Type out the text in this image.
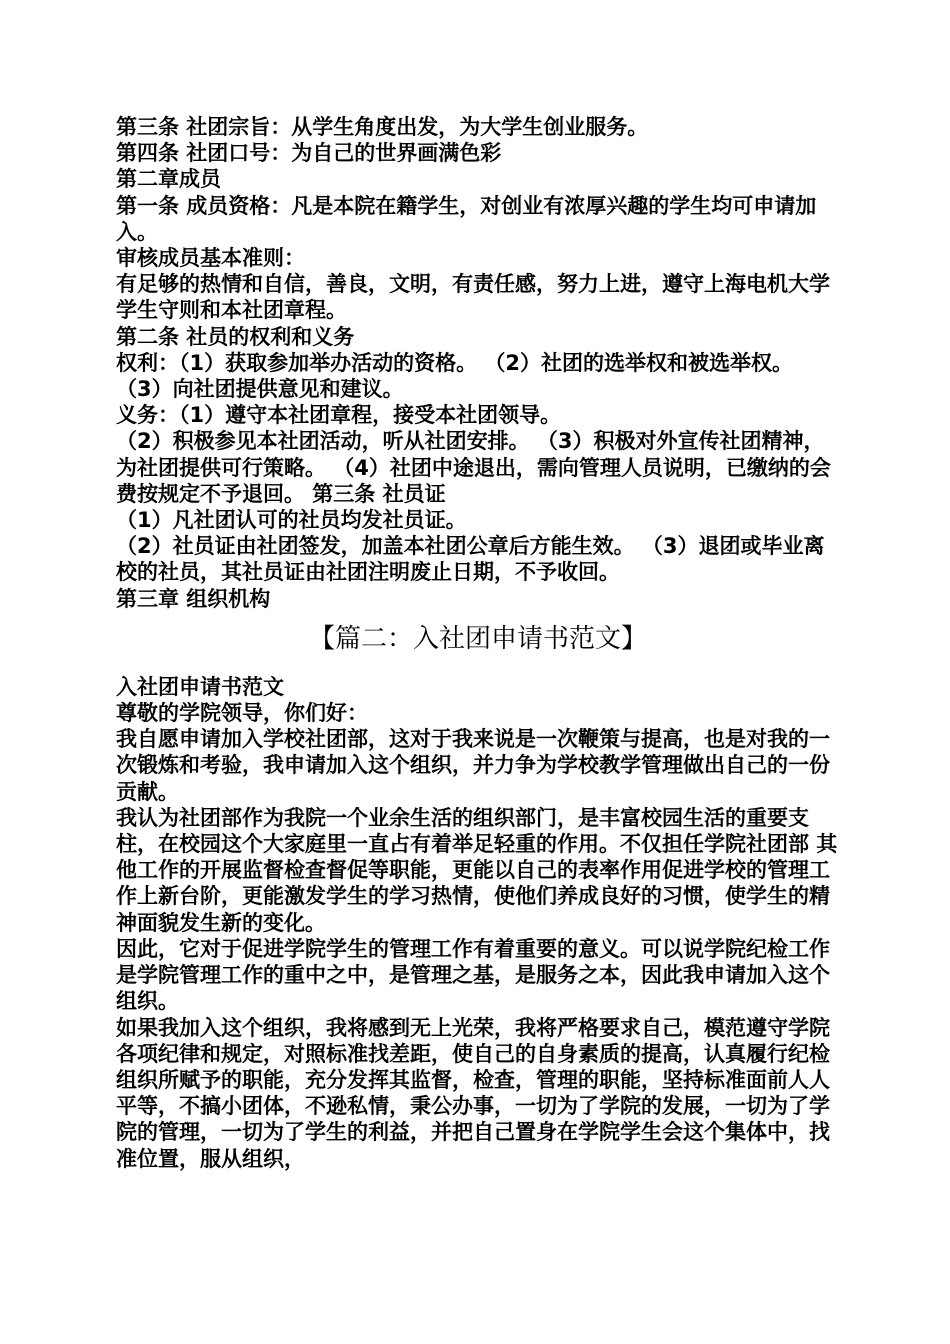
第三条 社团宗旨：从学生角度出发，为大学生创业服务。

第四条 社团口号：为自己的世界画满色彩

第二章成员

第一条 成员资格：凡是本院在籍学生，对创业有浓厚兴趣的学生均可申请加入。

审核成员基本准则：

有足够的热情和自信，善良，文明，有责任感，努力上进，遵守上海电机大学学生守则和本社团章程。

第二条 社员的权利和义务

权利：（1）获取参加举办活动的资格。 （2）社团的选举权和被选举权。 （3）向社团提供意见和建议。

义务：（1）遵守本社团章程，接受本社团领导。

（2）积极参见本社团活动，听从社团安排。 （3）积极对外宣传社团精神，为社团提供可行策略。 （4）社团中途退出，需向管理人员说明，已缴纳的会费按规定不予退回。 第三条 社员证

（1）凡社团认可的社员均发社员证。

（2）社员证由社团签发，加盖本社团公章后方能生效。 （3）退团或毕业离校的社员，其社员证由社团注明废止日期，不予收回。

第三章 组织机构

【篇二：入社团申请书范文】

入社团申请书范文

尊敬的学院领导，你们好：

我自愿申请加入学校社团部，这对于我来说是一次鞭策与提高，也是对我的一次锻炼和考验，我申请加入这个组织，并力争为学校教学管理做出自己的一份贡献。

我认为社团部作为我院一个业余生活的组织部门，是丰富校园生活的重要支柱，在校园这个大家庭里一直占有着举足轻重的作用。不仅担任学院社团部 其他工作的开展监督检查督促等职能，更能以自己的表率作用促进学校的管理工 作上新台阶，更能激发学生的学习热情，使他们养成良好的习惯，使学生的精神面貌发生新的变化。

因此，它对于促进学院学生的管理工作有着重要的意义。可以说学院纪检工作是学院管理工作的重中之中，是管理之基，是服务之本，因此我申请加入这个组织。

如果我加入这个组织，我将感到无上光荣，我将严格要求自己，模范遵守学院各项纪律和规定，对照标准找差距，使自己的自身素质的提高，认真履行纪检组织所赋予的职能，充分发挥其监督，检查，管理的职能，坚持标准面前人人平等，不搞小团体，不逊私情，秉公办事，一切为了学院的发展，一切为了学院的管理，一切为了学生的利益，并把自己置身在学院学生会这个集体中，找准位置，服从组织，
